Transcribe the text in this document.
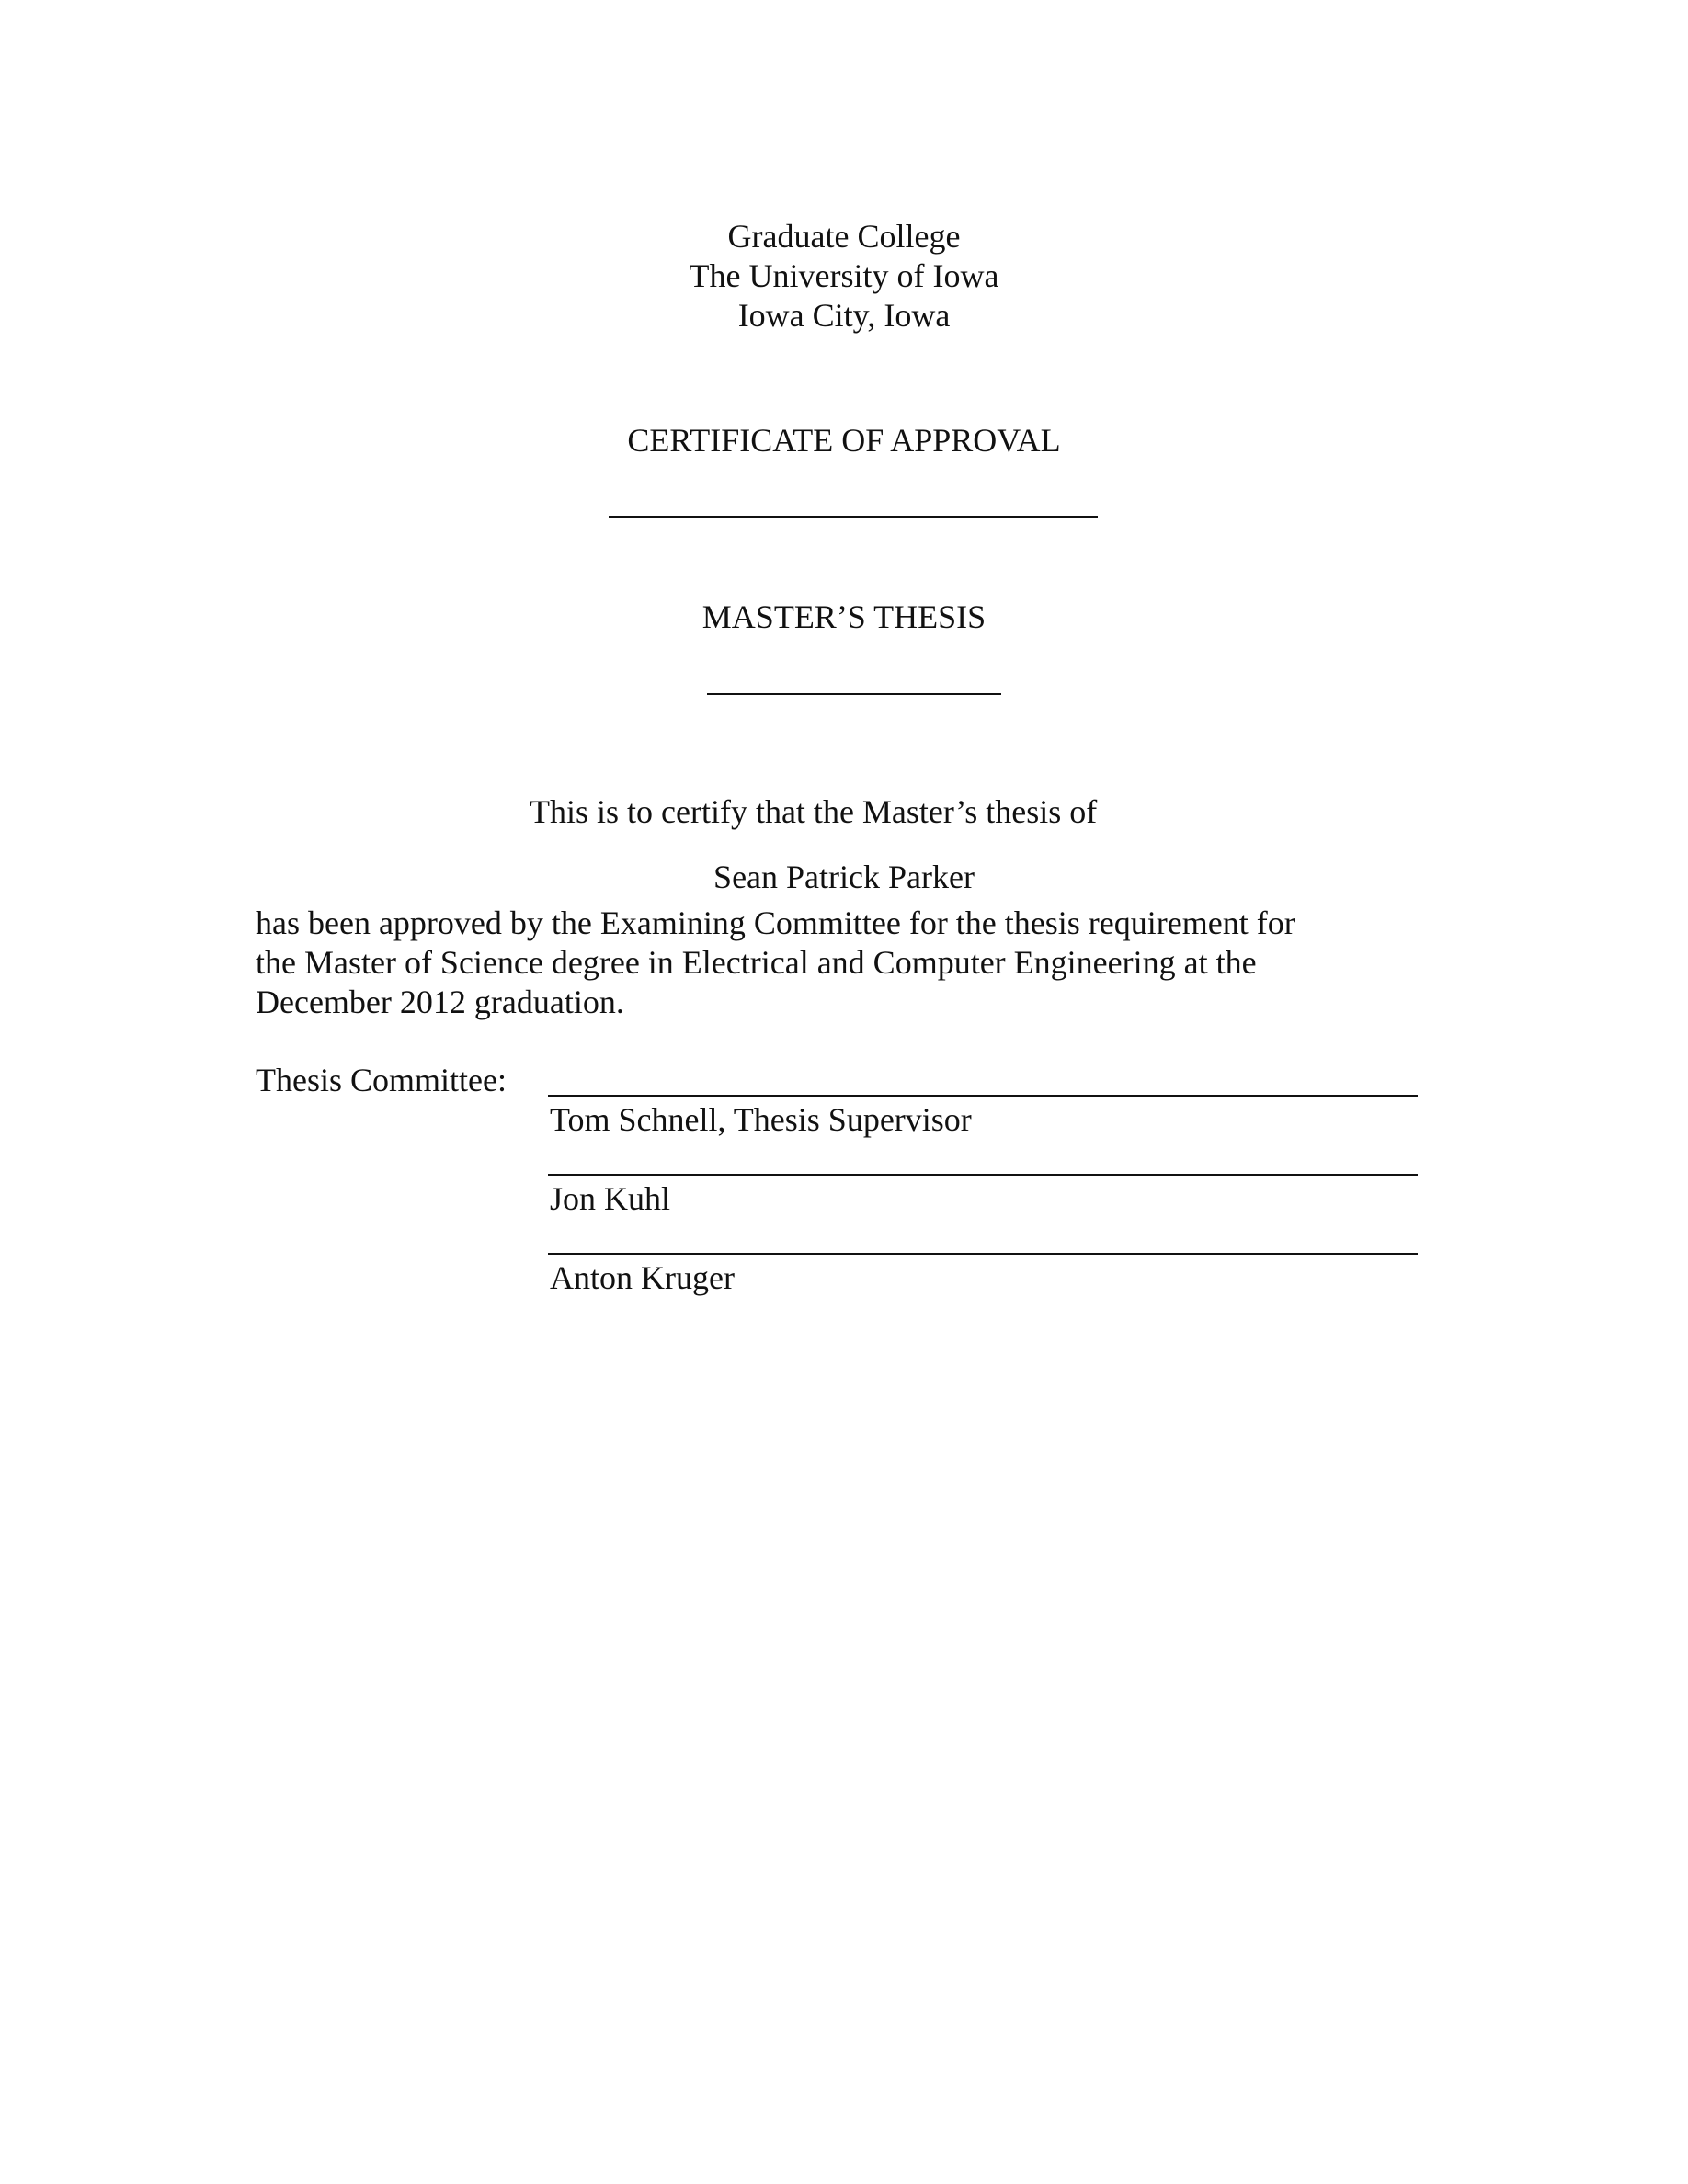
Graduate College
The University of Iowa
Iowa City, Iowa
CERTIFICATE OF APPROVAL
MASTER’S THESIS
This is to certify that the Master’s thesis of
Sean Patrick Parker
has been approved by the Examining Committee for the thesis requirement for
the Master of Science degree in Electrical and Computer Engineering at the
December 2012 graduation.
Thesis Committee:
Tom Schnell, Thesis Supervisor
Jon Kuhl
Anton Kruger
